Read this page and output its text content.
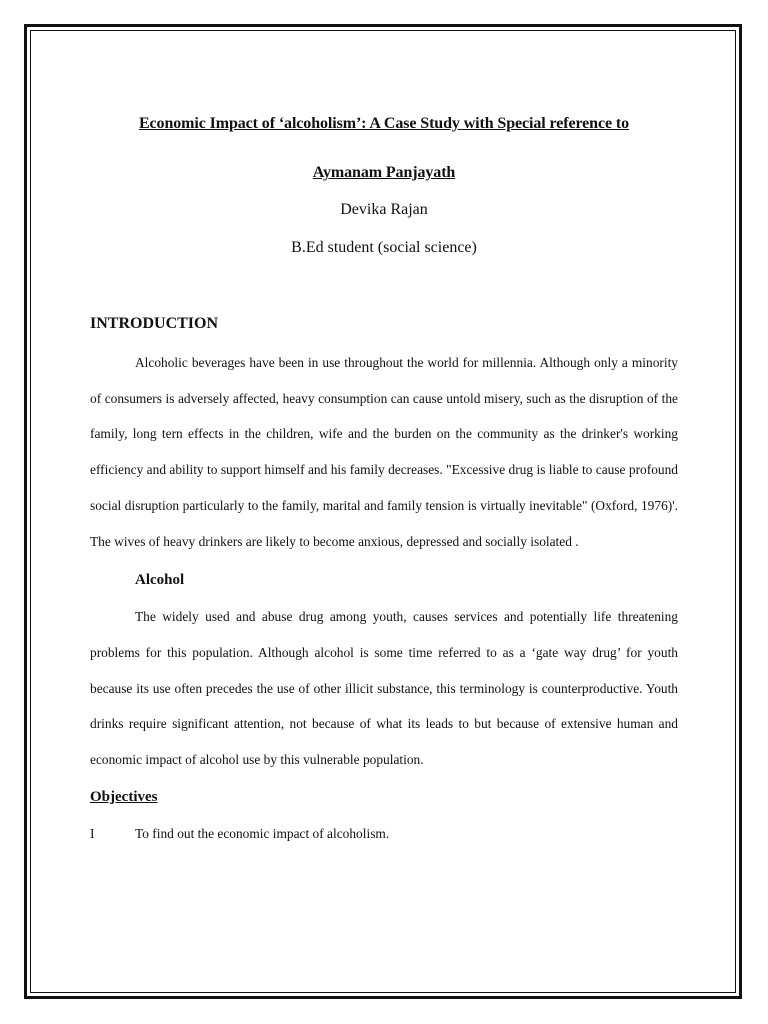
Economic Impact of ‘alcoholism’: A Case Study with Special reference to

Aymanam Panjayath

Devika Rajan

B.Ed student (social science)

INTRODUCTION

Alcoholic beverages have been in use throughout the world for millennia. Although only a minority of consumers is adversely affected, heavy consumption can cause untold misery, such as the disruption of the family, long tern effects in the children, wife and the burden on the community as the drinker's working efficiency and ability to support himself and his family decreases. "Excessive drug is liable to cause profound social disruption particularly to the family, marital and family tension is virtually inevitable" (Oxford, 1976)'. The wives of heavy drinkers are likely to become anxious, depressed and socially isolated .

Alcohol

The widely used and abuse drug among youth, causes services and potentially life threatening problems for this population. Although alcohol is some time referred to as a ‘gate way drug’ for youth because its use often precedes the use of other illicit substance, this terminology is counterproductive. Youth drinks require significant attention, not because of what its leads to but because of extensive human and economic impact of alcohol use by this vulnerable population.

Objectives
I	To find out the economic impact of alcoholism.
